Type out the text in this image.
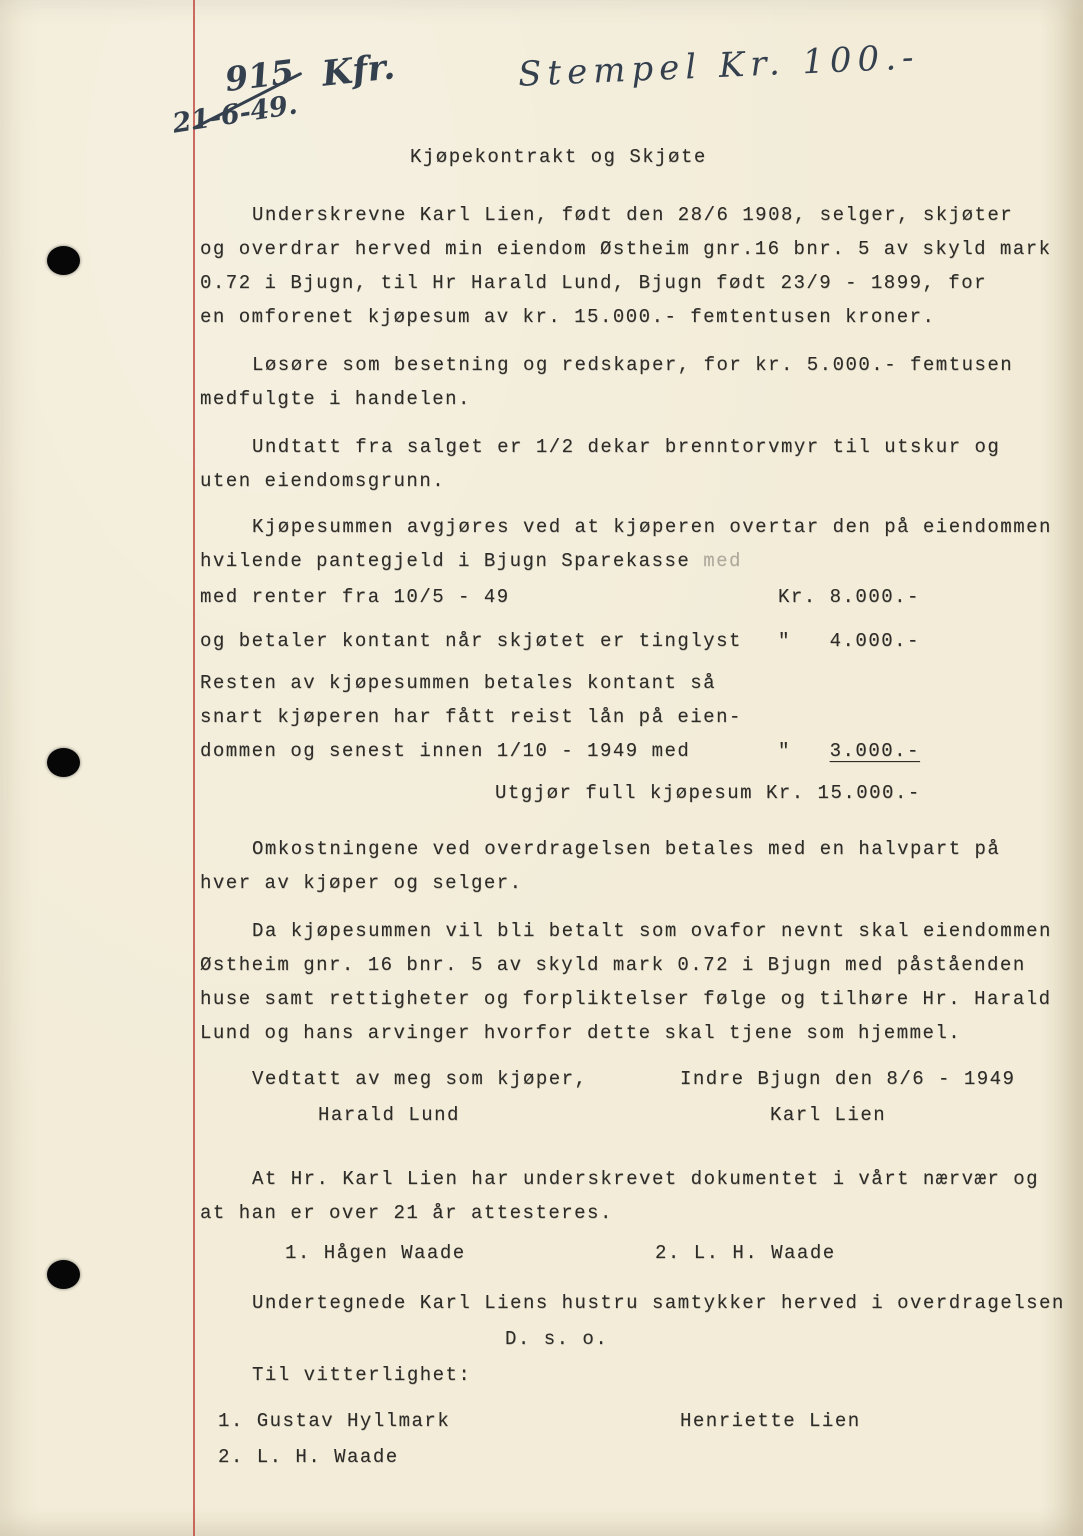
915
21-6-49.
Kfr.	Stempel Kr. 100.-
Kjøpekontrakt og Skjøte
Underskrevne Karl Lien, født den 28/6 1908, selger, skjøter
og overdrar herved min eiendom Østheim gnr.16 bnr. 5 av skyld mark
0.72 i Bjugn, til Hr Harald Lund, Bjugn født 23/9 - 1899, for
en omforenet kjøpesum av kr. 15.000.- femtentusen kroner.
Løsøre som besetning og redskaper, for kr. 5.000.- femtusen
medfulgte i handelen.
Undtatt fra salget er 1/2 dekar brenntorvmyr til utskur og
uten eiendomsgrunn.
Kjøpesummen avgjøres ved at kjøperen overtar den på eiendommen
hvilende pantegjeld i Bjugn Sparekasse med
med renter fra 10/5 - 49	Kr. 8.000.-
og betaler kontant når skjøtet er tinglyst	"   4.000.-
Resten av kjøpesummen betales kontant så
snart kjøperen har fått reist lån på eien-
dommen og senest innen 1/10 - 1949 med	"   3.000.-
Utgjør full kjøpesum Kr. 15.000.-
Omkostningene ved overdragelsen betales med en halvpart på
hver av kjøper og selger.
Da kjøpesummen vil bli betalt som ovafor nevnt skal eiendommen
Østheim gnr. 16 bnr. 5 av skyld mark 0.72 i Bjugn med påståenden
huse samt rettigheter og forpliktelser følge og tilhøre Hr. Harald
Lund og hans arvinger hvorfor dette skal tjene som hjemmel.
Vedtatt av meg som kjøper,	Indre Bjugn den 8/6 - 1949
Harald Lund	Karl Lien
At Hr. Karl Lien har underskrevet dokumentet i vårt nærvær og
at han er over 21 år attesteres.
1. Hågen Waade	2. L. H. Waade
Undertegnede Karl Liens hustru samtykker herved i overdragelsen
D. s. o.
Til vitterlighet:
1. Gustav Hyllmark	Henriette Lien
2. L. H. Waade
